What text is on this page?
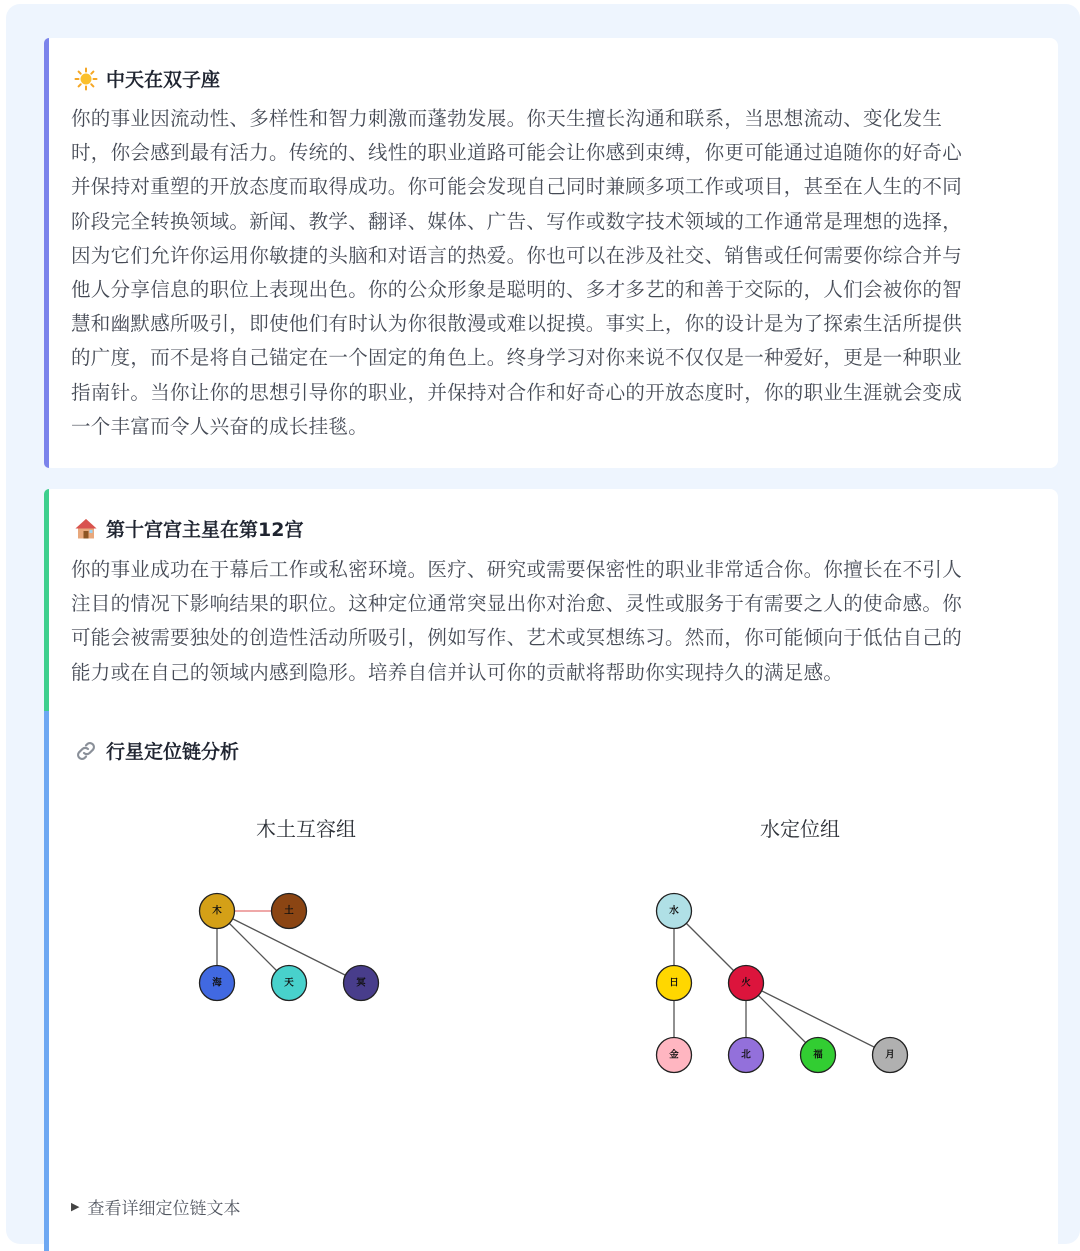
中天在双子座
你的事业因流动性、多样性和智力刺激而蓬勃发展。你天生擅长沟通和联系，当思想流动、变化发生
时，你会感到最有活力。传统的、线性的职业道路可能会让你感到束缚，你更可能通过追随你的好奇心
并保持对重塑的开放态度而取得成功。你可能会发现自己同时兼顾多项工作或项目，甚至在人生的不同
阶段完全转换领域。新闻、教学、翻译、媒体、广告、写作或数字技术领域的工作通常是理想的选择，
因为它们允许你运用你敏捷的头脑和对语言的热爱。你也可以在涉及社交、销售或任何需要你综合并与
他人分享信息的职位上表现出色。你的公众形象是聪明的、多才多艺的和善于交际的，人们会被你的智
慧和幽默感所吸引，即使他们有时认为你很散漫或难以捉摸。事实上，你的设计是为了探索生活所提供
的广度，而不是将自己锚定在一个固定的角色上。终身学习对你来说不仅仅是一种爱好，更是一种职业
指南针。当你让你的思想引导你的职业，并保持对合作和好奇心的开放态度时，你的职业生涯就会变成
一个丰富而令人兴奋的成长挂毯。
第十宫宫主星在第12宫
你的事业成功在于幕后工作或私密环境。医疗、研究或需要保密性的职业非常适合你。你擅长在不引人
注目的情况下影响结果的职位。这种定位通常突显出你对治愈、灵性或服务于有需要之人的使命感。你
可能会被需要独处的创造性活动所吸引，例如写作、艺术或冥想练习。然而，你可能倾向于低估自己的
能力或在自己的领域内感到隐形。培养自信并认可你的贡献将帮助你实现持久的满足感。
行星定位链分析
木土互容组	水定位组
木	土
海	天	冥
水
日	火
金	北	福	月
▶ 查看详细定位链文本
